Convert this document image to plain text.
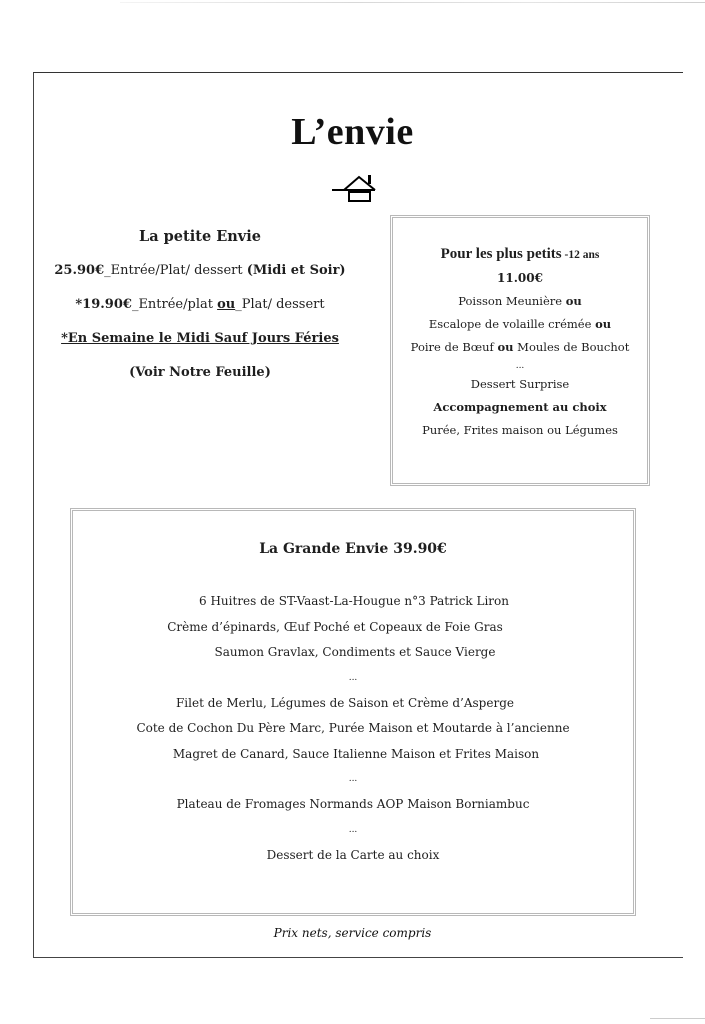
L’envie
La petite Envie
25.90€_Entrée/Plat/ dessert (Midi et Soir)
*19.90€_Entrée/plat ou_Plat/ dessert
*En Semaine le Midi Sauf Jours Féries
(Voir Notre Feuille)
Pour les plus petits -12 ans
11.00€
Poisson Meunière ou
Escalope de volaille crémée ou
Poire de Bœuf ou Moules de Bouchot
...
Dessert Surprise
Accompagnement au choix
Purée, Frites maison ou Légumes
La Grande Envie 39.90€
6 Huitres de ST-Vaast-La-Hougue n°3 Patrick Liron
Crème d’épinards, Œuf Poché et Copeaux de Foie Gras
Saumon Gravlax, Condiments et Sauce Vierge
...
Filet de Merlu, Légumes de Saison et Crème d’Asperge
Cote de Cochon Du Père Marc, Purée Maison et Moutarde à l’ancienne
Magret de Canard, Sauce Italienne Maison et Frites Maison
...
Plateau de Fromages Normands AOP Maison Borniambuc
...
Dessert de la Carte au choix
Prix nets, service compris
